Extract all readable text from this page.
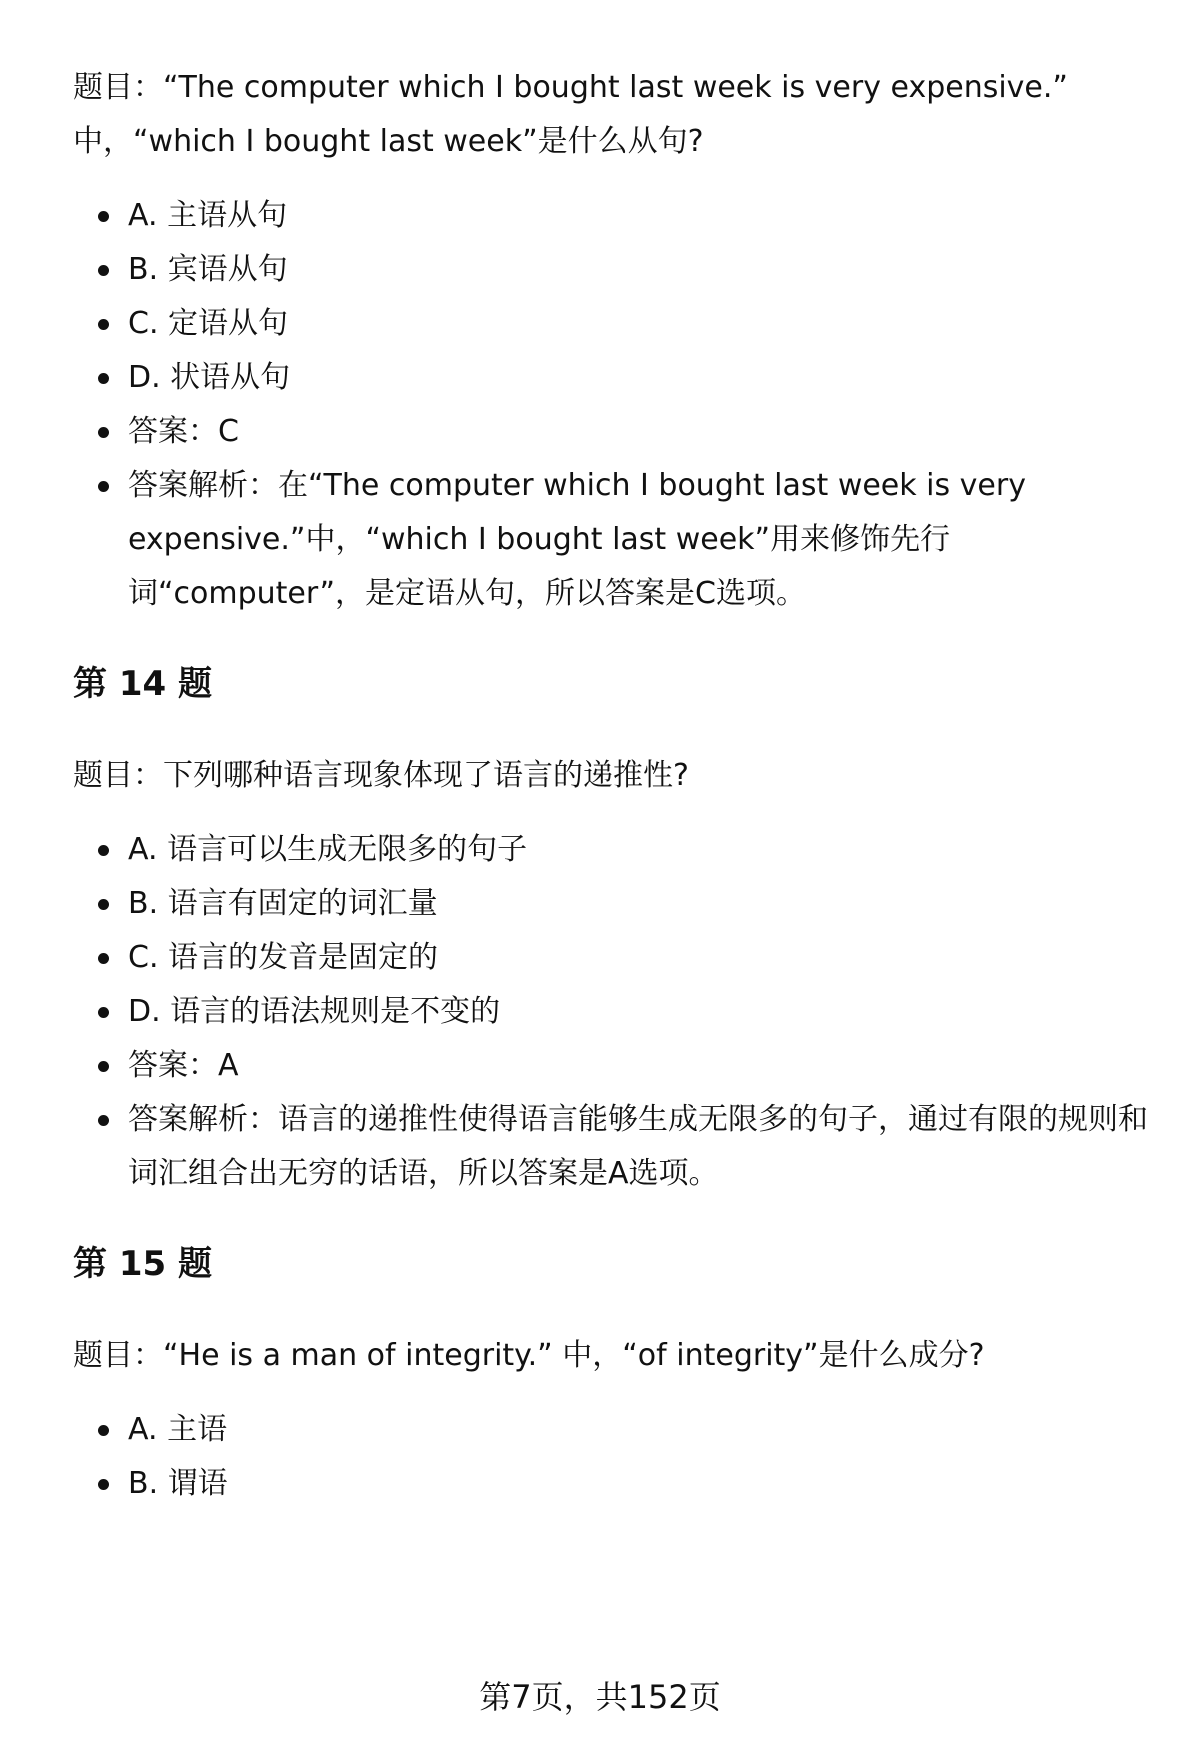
题目：“The computer which I bought last week is very expensive.”
中，“which I bought last week”是什么从句?
A. 主语从句
B. 宾语从句
C. 定语从句
D. 状语从句
答案：C
答案解析：在“The computer which I bought last week is very
expensive.”中，“which I bought last week”用来修饰先行
词“computer”，是定语从句，所以答案是C选项。
第 14 题
题目：下列哪种语言现象体现了语言的递推性?
A. 语言可以生成无限多的句子
B. 语言有固定的词汇量
C. 语言的发音是固定的
D. 语言的语法规则是不变的
答案：A
答案解析：语言的递推性使得语言能够生成无限多的句子，通过有限的规则和
词汇组合出无穷的话语，所以答案是A选项。
第 15 题
题目：“He is a man of integrity.” 中，“of integrity”是什么成分?
A. 主语
B. 谓语
第7页，共152页
